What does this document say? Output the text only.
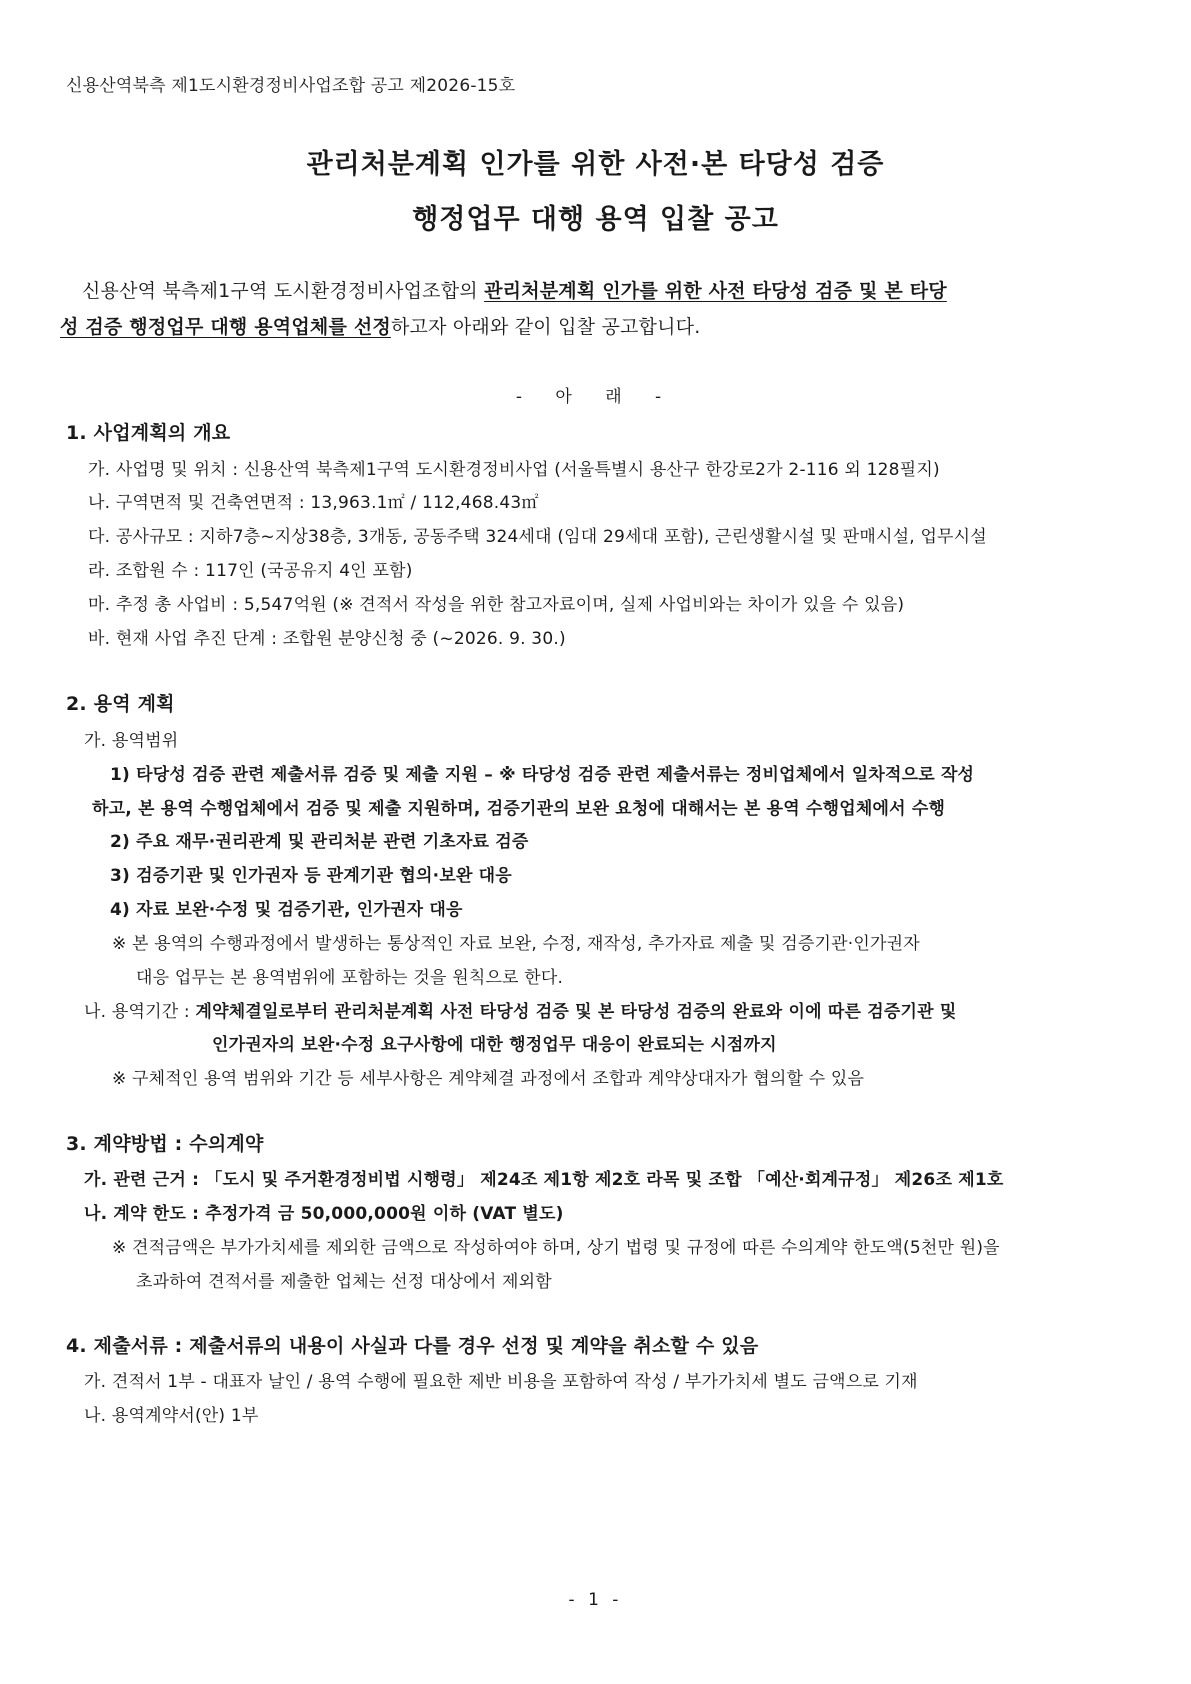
신용산역북측 제1도시환경정비사업조합 공고 제2026-15호
관리처분계획 인가를 위한 사전·본 타당성 검증
행정업무 대행 용역 입찰 공고
신용산역 북측제1구역 도시환경정비사업조합의 관리처분계획 인가를 위한 사전 타당성 검증 및 본 타당
성 검증 행정업무 대행 용역업체를 선정하고자 아래와 같이 입찰 공고합니다.
- 아 래 -
1. 사업계획의 개요
가. 사업명 및 위치 : 신용산역 북측제1구역 도시환경정비사업 (서울특별시 용산구 한강로2가 2-116 외 128필지)
나. 구역면적 및 건축연면적 : 13,963.1㎡ / 112,468.43㎡
다. 공사규모 : 지하7층~지상38층, 3개동, 공동주택 324세대 (임대 29세대 포함), 근린생활시설 및 판매시설, 업무시설
라. 조합원 수 : 117인 (국공유지 4인 포함)
마. 추정 총 사업비 : 5,547억원 (※ 견적서 작성을 위한 참고자료이며, 실제 사업비와는 차이가 있을 수 있음)
바. 현재 사업 추진 단계 : 조합원 분양신청 중 (~2026. 9. 30.)
2. 용역 계획
가. 용역범위
1) 타당성 검증 관련 제출서류 검증 및 제출 지원 – ※ 타당성 검증 관련 제출서류는 정비업체에서 일차적으로 작성
하고, 본 용역 수행업체에서 검증 및 제출 지원하며, 검증기관의 보완 요청에 대해서는 본 용역 수행업체에서 수행
2) 주요 재무·권리관계 및 관리처분 관련 기초자료 검증
3) 검증기관 및 인가권자 등 관계기관 협의·보완 대응
4) 자료 보완·수정 및 검증기관, 인가권자 대응
※ 본 용역의 수행과정에서 발생하는 통상적인 자료 보완, 수정, 재작성, 추가자료 제출 및 검증기관·인가권자
대응 업무는 본 용역범위에 포함하는 것을 원칙으로 한다.
나. 용역기간 : 계약체결일로부터 관리처분계획 사전 타당성 검증 및 본 타당성 검증의 완료와 이에 따른 검증기관 및
인가권자의 보완·수정 요구사항에 대한 행정업무 대응이 완료되는 시점까지
※ 구체적인 용역 범위와 기간 등 세부사항은 계약체결 과정에서 조합과 계약상대자가 협의할 수 있음
3. 계약방법 : 수의계약
가. 관련 근거 : 「도시 및 주거환경정비법 시행령」 제24조 제1항 제2호 라목 및 조합 「예산·회계규정」 제26조 제1호
나. 계약 한도 : 추정가격 금 50,000,000원 이하 (VAT 별도)
※ 견적금액은 부가가치세를 제외한 금액으로 작성하여야 하며, 상기 법령 및 규정에 따른 수의계약 한도액(5천만 원)을
초과하여 견적서를 제출한 업체는 선정 대상에서 제외함
4. 제출서류 : 제출서류의 내용이 사실과 다를 경우 선정 및 계약을 취소할 수 있음
가. 견적서 1부 - 대표자 날인 / 용역 수행에 필요한 제반 비용을 포함하여 작성 / 부가가치세 별도 금액으로 기재
나. 용역계약서(안) 1부
- 1 -
